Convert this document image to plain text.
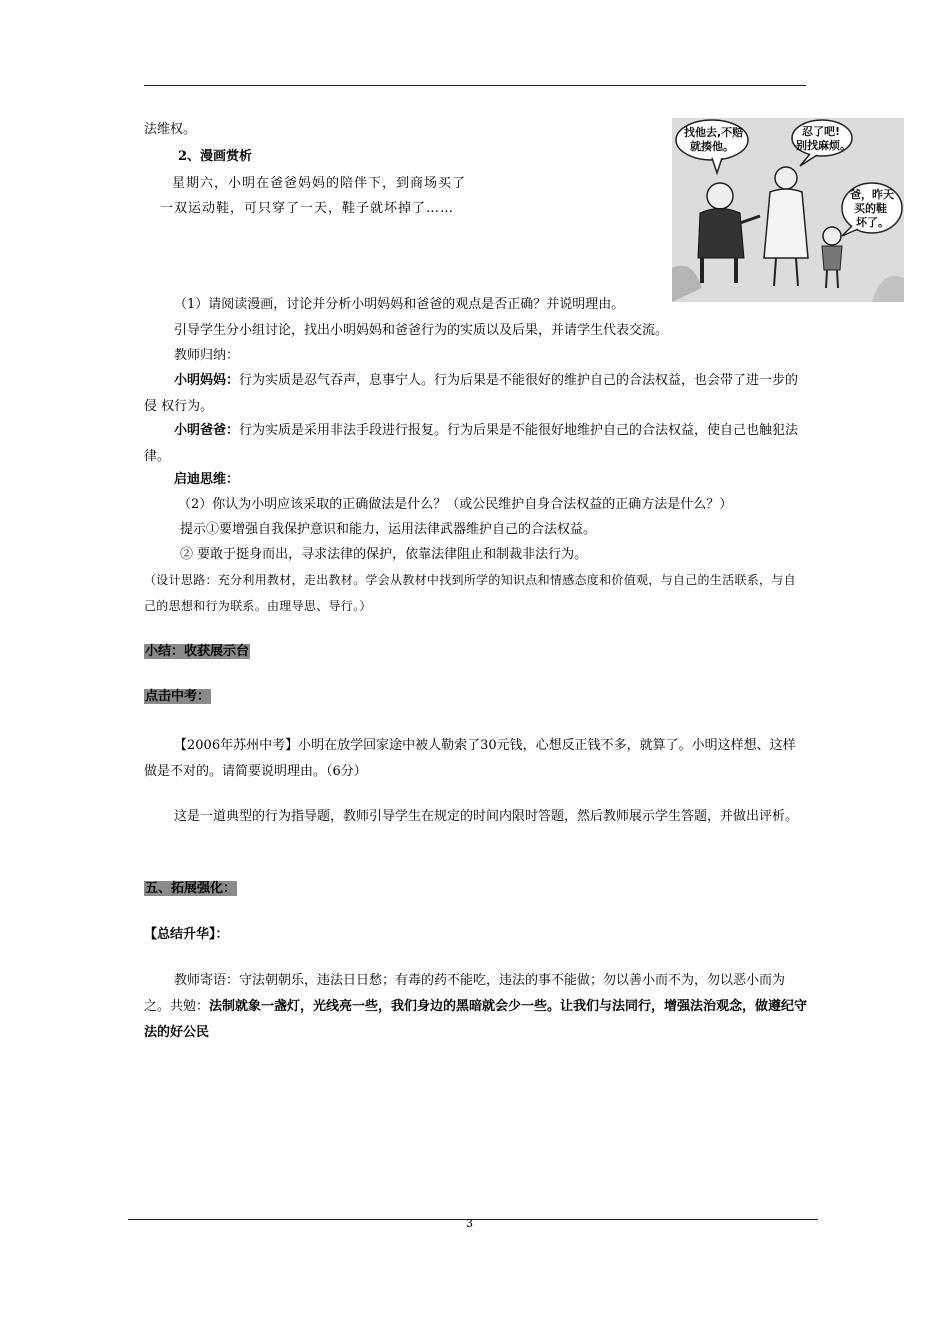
法维权。
2、漫画赏析
星期六，小明在爸爸妈妈的陪伴下，到商场买了
一双运动鞋，可只穿了一天，鞋子就坏掉了……
找他去,不赔
就揍他。
忍了吧!
别找麻烦。
爸，昨天
买的鞋
坏了。
（1）请阅读漫画，讨论并分析小明妈妈和爸爸的观点是否正确？并说明理由。
引导学生分小组讨论，找出小明妈妈和爸爸行为的实质以及后果，并请学生代表交流。
教师归纳：
小明妈妈：行为实质是忍气吞声，息事宁人。行为后果是不能很好的维护自己的合法权益，也会带了进一步的侵 权行为。
小明爸爸：行为实质是采用非法手段进行报复。行为后果是不能很好地维护自己的合法权益，使自己也触犯法律。
启迪思维：
（2）你认为小明应该采取的正确做法是什么？（或公民维护自身合法权益的正确方法是什么？）
提示①要增强自我保护意识和能力，运用法律武器维护自己的合法权益。
② 要敢于挺身而出，寻求法律的保护，依靠法律阻止和制裁非法行为。
（设计思路：充分利用教材，走出教材。学会从教材中找到所学的知识点和情感态度和价值观，与自己的生活联系，与自己的思想和行为联系。由理导思、导行。）
小结：收获展示台
点击中考：
【2006年苏州中考】小明在放学回家途中被人勒索了30元钱，心想反正钱不多，就算了。小明这样想、这样做是不对的。请简要说明理由。（6分）
这是一道典型的行为指导题，教师引导学生在规定的时间内限时答题，然后教师展示学生答题，并做出评析。
五、拓展强化：
【总结升华】：
教师寄语：守法朝朝乐，违法日日愁；有毒的药不能吃，违法的事不能做；勿以善小而不为，勿以恶小而为之。共勉：法制就象一盏灯，光线亮一些，我们身边的黑暗就会少一些。让我们与法同行，增强法治观念，做遵纪守法的好公民
3
